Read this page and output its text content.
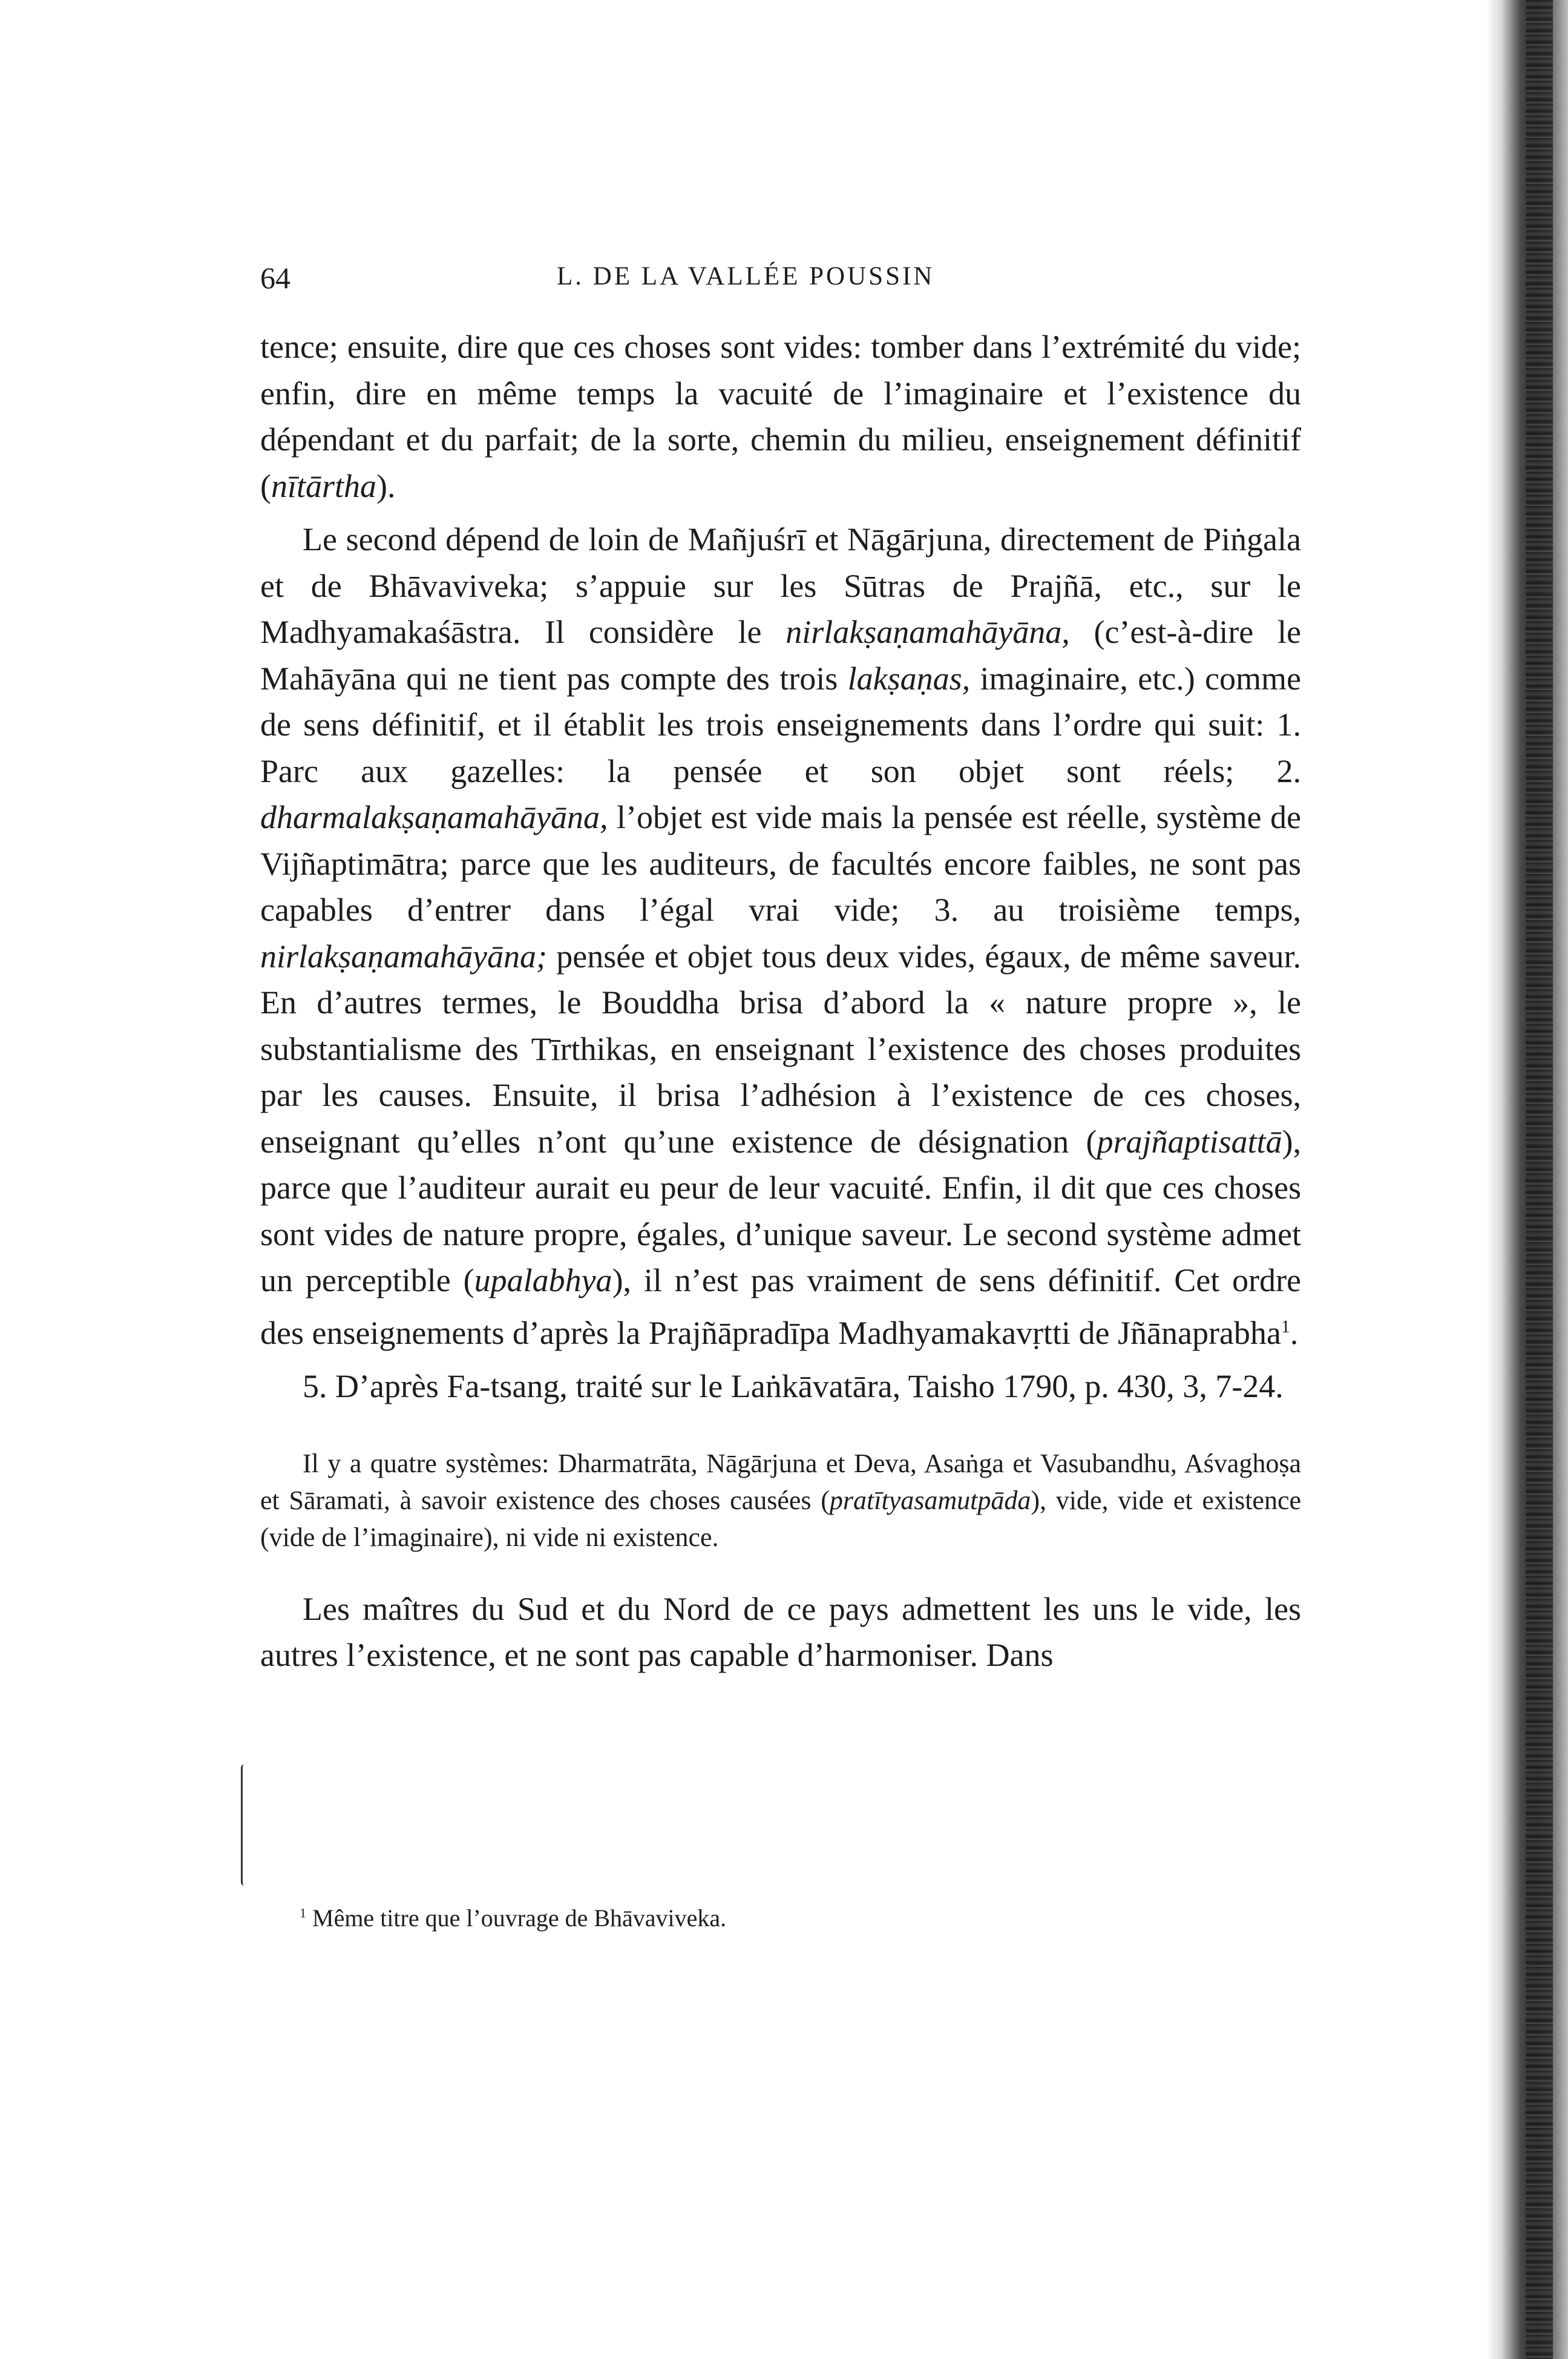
64	L. DE LA VALLÉE POUSSIN

tence; ensuite, dire que ces choses sont vides: tomber dans l’extrémité du vide; enfin, dire en même temps la vacuité de l’imaginaire et l’existence du dépendant et du parfait; de la sorte, chemin du milieu, enseignement définitif (nītārtha).

Le second dépend de loin de Mañjuśrī et Nāgārjuna, directement de Piṅgala et de Bhāvaviveka; s’appuie sur les Sūtras de Prajñā, etc., sur le Madhyamakaśāstra. Il considère le nirlakṣaṇamahāyāna, (c’est-à-dire le Mahāyāna qui ne tient pas compte des trois lakṣaṇas, imaginaire, etc.) comme de sens définitif, et il établit les trois enseignements dans l’ordre qui suit: 1. Parc aux gazelles: la pensée et son objet sont réels; 2. dharmalakṣaṇamahāyāna, l’objet est vide mais la pensée est réelle, système de Vijñaptimātra; parce que les auditeurs, de facultés encore faibles, ne sont pas capables d’entrer dans l’égal vrai vide; 3. au troisième temps, nirlakṣaṇamahāyāna; pensée et objet tous deux vides, égaux, de même saveur. En d’autres termes, le Bouddha brisa d’abord la « nature propre », le substantialisme des Tīrthikas, en enseignant l’existence des choses produites par les causes. Ensuite, il brisa l’adhésion à l’existence de ces choses, enseignant qu’elles n’ont qu’une existence de désignation (prajñaptisattā), parce que l’auditeur aurait eu peur de leur vacuité. Enfin, il dit que ces choses sont vides de nature propre, égales, d’unique saveur. Le second système admet un perceptible (upalabhya), il n’est pas vraiment de sens définitif. Cet ordre des enseignements d’après la Prajñāpradīpa Madhyamakavṛtti de Jñānaprabha$^1$.

5. D’après Fa-tsang, traité sur le Laṅkāvatāra, Taisho 1790, p. 430, 3, 7-24.

Il y a quatre systèmes: Dharmatrāta, Nāgārjuna et Deva, Asaṅga et Vasubandhu, Aśvaghoṣa et Sāramati, à savoir existence des choses causées (pratītyasamutpāda), vide, vide et existence (vide de l’imaginaire), ni vide ni existence.

Les maîtres du Sud et du Nord de ce pays admettent les uns le vide, les autres l’existence, et ne sont pas capable d’harmoniser. Dans

$^1$ Même titre que l’ouvrage de Bhāvaviveka.
